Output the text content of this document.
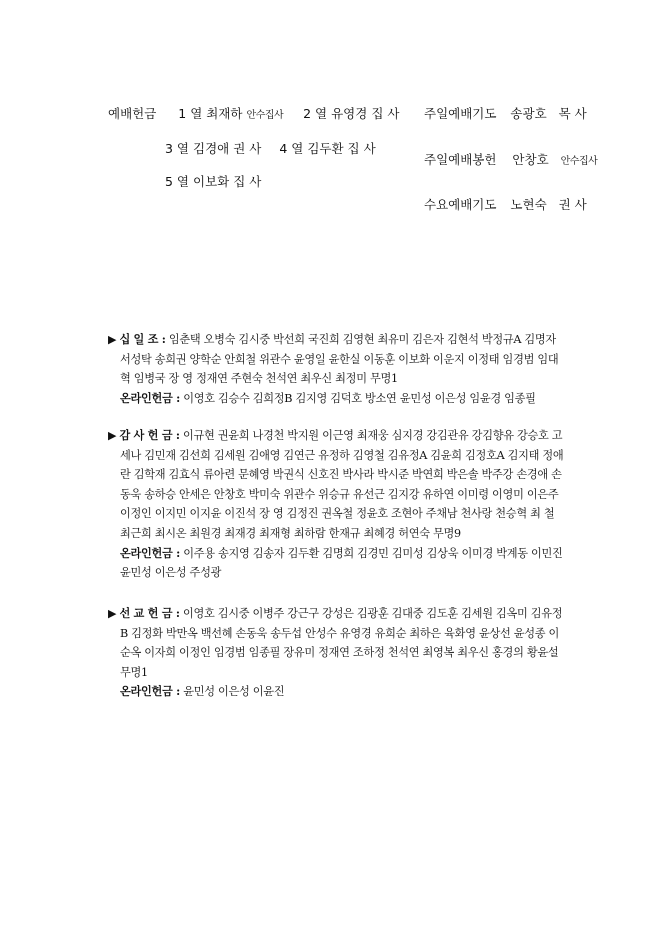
예배헌금 1 열 최재하 안수집사 2 열 유영경 집 사
3 열 김경애 권 사 4 열 김두환 집 사
5 열 이보화 집 사
주일예배기도 송광호 목 사
주일예배봉헌 안창호 안수집사
수요예배기도 노현숙 권 사

▶ 십 일 조 : 임춘택 오병숙 김시중 박선희 국진희 김영현 최유미 김은자 김현석 박정규A 김명자 서성탁 송희권 양학순 안희철 위관수 윤영일 윤한실 이동훈 이보화 이운지 이정태 임경범 임대혁 임병국 장 영 정재연 주현숙 천석연 최우신 최정미 무명1

온라인헌금 : 이영호 김승수 김희정B 김지영 김덕호 방소연 윤민성 이은성 임윤경 임종필

▶ 감 사 헌 금 : 이규현 권윤희 나경천 박지원 이근영 최재웅 심지경 강김관유 강김향유 강승호 고세나 김민재 김선희 김세원 김애영 김연근 유정하 김영철 김유정A 김윤희 김정호A 김지태 정애란 김학재 김효식 류아련 문혜영 박권식 신호진 박사라 박시준 박연희 박은솔 박주강 손경애 손동욱 송하승 안세은 안창호 박미숙 위관수 위승규 유선근 김지강 유하연 이미령 이영미 이은주 이정인 이지민 이지윤 이진석 장 영 김정진 권옥철 정윤호 조현아 주채남 천사랑 천승혁 최 철 최근희 최시온 최원경 최재경 최재형 최하람 한재규 최혜경 허연숙 무명9

온라인헌금 : 이주용 송지영 김송자 김두환 김명희 김경민 김미성 김상욱 이미경 박계동 이민진 윤민성 이은성 주성광

▶ 선 교 헌 금 : 이영호 김시중 이병주 강근구 강성은 김광훈 김대중 김도훈 김세원 김옥미 김유정B 김정화 박만옥 백선혜 손동욱 송두섭 안성수 유영경 유희순 최하은 육화영 윤상선 윤성종 이순옥 이자희 이정인 임경범 임종필 장유미 정재연 조하정 천석연 최영복 최우신 홍경의 황윤설 무명1

온라인헌금 : 윤민성 이은성 이윤진
